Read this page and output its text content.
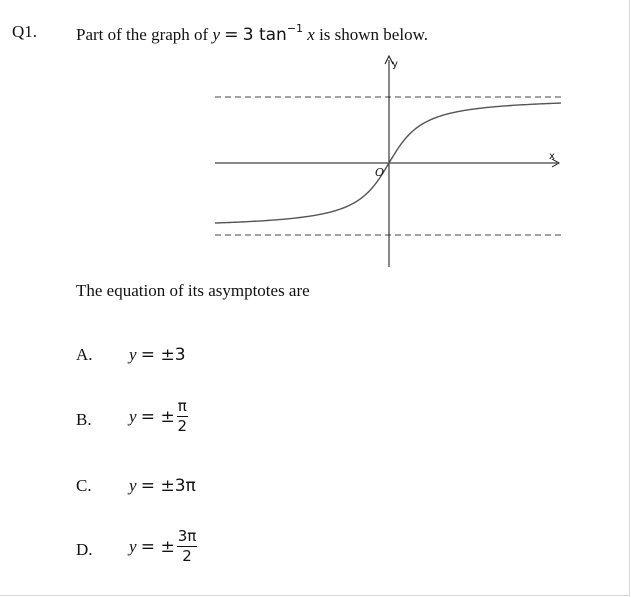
Q1. Part of the graph of y = 3 $\tan^{-1} x$ is shown below.
x
y
O
The equation of its asymptotes are
A. y
= ± 3
B. y
= ± $\frac{\pi}{2}$
C. y
= ± 3π
D. y
= ± $\frac{3\pi}{2}$
